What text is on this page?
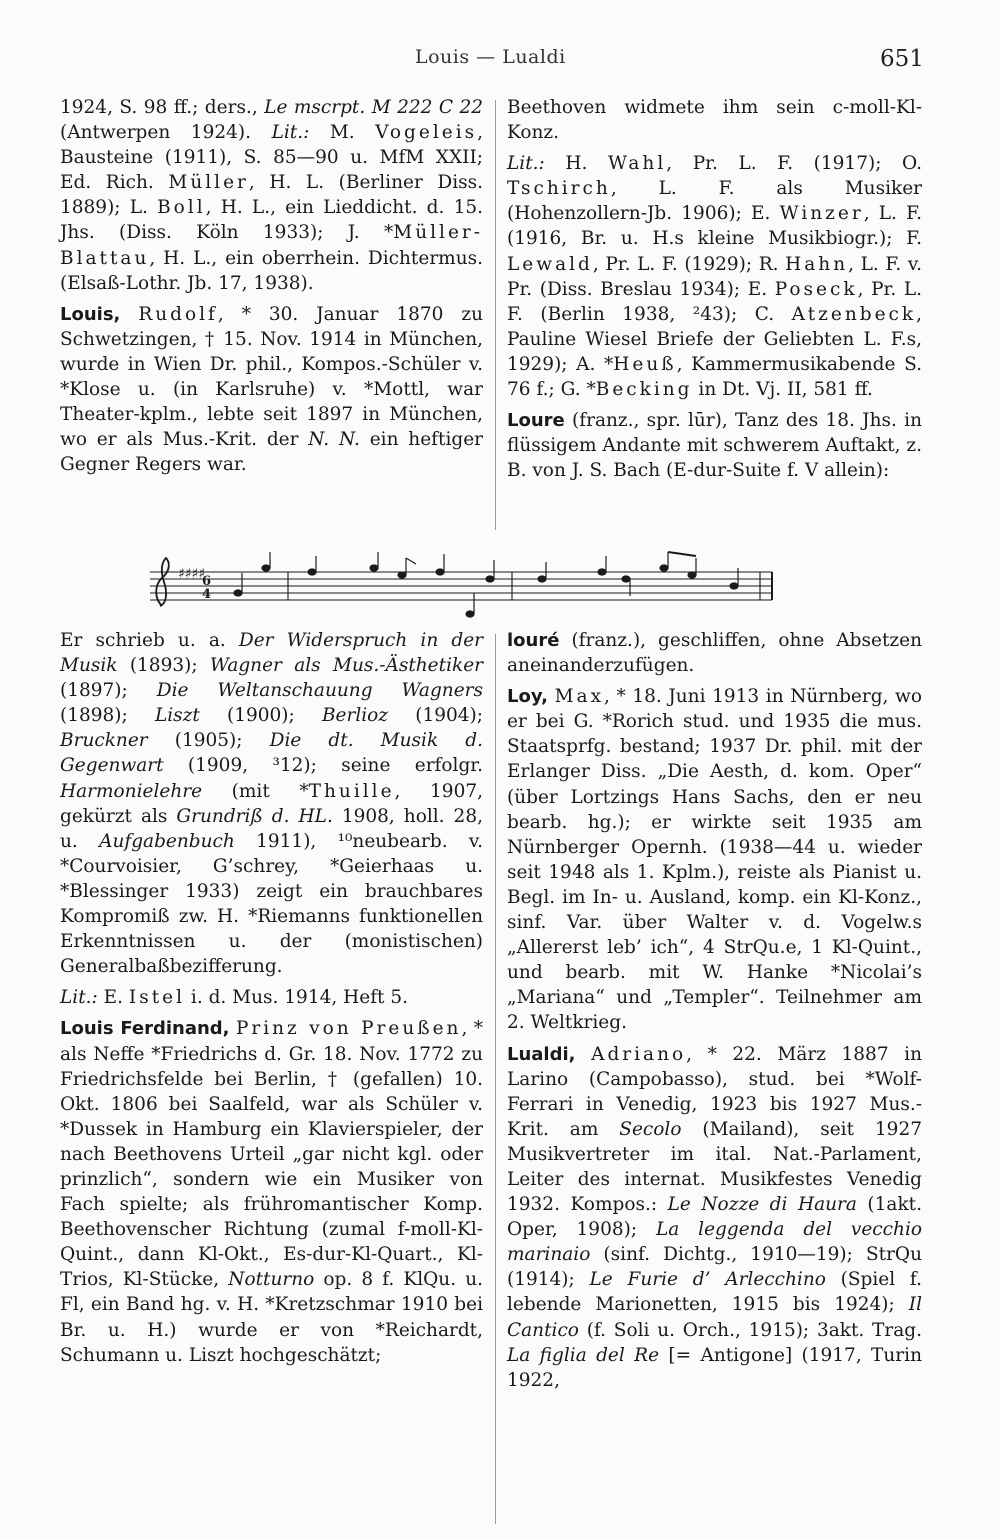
Louis — Lualdi	651

1924, S. 98 ff.; ders., Le mscrpt. M 222 C 22 (Antwerpen 1924). Lit.: M. Vogeleis, Bausteine (1911), S. 85—90 u. MfM XXII; Ed. Rich. Müller, H. L. (Berliner Diss. 1889); L. Boll, H. L., ein Lieddicht. d. 15. Jhs. (Diss. Köln 1933); J. *Müller-Blattau, H. L., ein oberrhein. Dichtermus. (Elsaß-Lothr. Jb. 17, 1938).

Louis, Rudolf, * 30. Januar 1870 zu Schwetzingen, † 15. Nov. 1914 in München, wurde in Wien Dr. phil., Kompos.-Schüler v. *Klose u. (in Karlsruhe) v. *Mottl, war Theater-kplm., lebte seit 1897 in München, wo er als Mus.-Krit. der N. N. ein heftiger Gegner Regers war.

Beethoven widmete ihm sein c-moll-Kl-Konz.

Lit.: H. Wahl, Pr. L. F. (1917); O. Tschirch, L. F. als Musiker (Hohenzollern-Jb. 1906); E. Winzer, L. F. (1916, Br. u. H.s kleine Musikbiogr.); F. Lewald, Pr. L. F. (1929); R. Hahn, L. F. v. Pr. (Diss. Breslau 1934); E. Poseck, Pr. L. F. (Berlin 1938, ²43); C. Atzenbeck, Pauline Wiesel Briefe der Geliebten L. F.s, 1929); A. *Heuß, Kammermusikabende S. 76 f.; G. *Becking in Dt. Vj. II, 581 ff.

Loure (franz., spr. lūr), Tanz des 18. Jhs. in flüssigem Andante mit schwerem Auftakt, z. B. von J. S. Bach (E-dur-Suite f. V allein):

♯♯♯♯
6
4

Er schrieb u. a. Der Widerspruch in der Musik (1893); Wagner als Mus.-Ästhetiker (1897); Die Weltanschauung Wagners (1898); Liszt (1900); Berlioz (1904); Bruckner (1905); Die dt. Musik d. Gegenwart (1909, ³12); seine erfolgr. Harmonielehre (mit *Thuille, 1907, gekürzt als Grundriß d. HL. 1908, holl. 28, u. Aufgabenbuch 1911), ¹⁰neubearb. v. *Courvoisier, G’schrey, *Geierhaas u. *Blessinger 1933) zeigt ein brauchbares Kompromiß zw. H. *Riemanns funktionellen Erkenntnissen u. der (monistischen) Generalbaßbezifferung.

Lit.: E. Istel i. d. Mus. 1914, Heft 5.

Louis Ferdinand, Prinz von Preußen, * als Neffe *Friedrichs d. Gr. 18. Nov. 1772 zu Friedrichsfelde bei Berlin, † (gefallen) 10. Okt. 1806 bei Saalfeld, war als Schüler v. *Dussek in Hamburg ein Klavierspieler, der nach Beethovens Urteil „gar nicht kgl. oder prinzlich“, sondern wie ein Musiker von Fach spielte; als frühromantischer Komp. Beethovenscher Richtung (zumal f-moll-Kl-Quint., dann Kl-Okt., Es-dur-Kl-Quart., Kl-Trios, Kl-Stücke, Notturno op. 8 f. KlQu. u. Fl, ein Band hg. v. H. *Kretzschmar 1910 bei Br. u. H.) wurde er von *Reichardt, Schumann u. Liszt hochgeschätzt;

louré (franz.), geschliffen, ohne Absetzen aneinanderzufügen.

Loy, Max, * 18. Juni 1913 in Nürnberg, wo er bei G. *Rorich stud. und 1935 die mus. Staatsprfg. bestand; 1937 Dr. phil. mit der Erlanger Diss. „Die Aesth, d. kom. Oper“ (über Lortzings Hans Sachs, den er neu bearb. hg.); er wirkte seit 1935 am Nürnberger Opernh. (1938—44 u. wieder seit 1948 als 1. Kplm.), reiste als Pianist u. Begl. im In- u. Ausland, komp. ein Kl-Konz., sinf. Var. über Walter v. d. Vogelw.s „Allererst leb’ ich“, 4 StrQu.e, 1 Kl-Quint., und bearb. mit W. Hanke *Nicolai’s „Mariana“ und „Templer“. Teilnehmer am 2. Weltkrieg.

Lualdi, Adriano, * 22. März 1887 in Larino (Campobasso), stud. bei *Wolf-Ferrari in Venedig, 1923 bis 1927 Mus.-Krit. am Secolo (Mailand), seit 1927 Musikvertreter im ital. Nat.-Parlament, Leiter des internat. Musikfestes Venedig 1932. Kompos.: Le Nozze di Haura (1akt. Oper, 1908); La leggenda del vecchio marinaio (sinf. Dichtg., 1910—19); StrQu (1914); Le Furie d’ Arlecchino (Spiel f. lebende Marionetten, 1915 bis 1924); Il Cantico (f. Soli u. Orch., 1915); 3akt. Trag. La figlia del Re [= Antigone] (1917, Turin 1922,
